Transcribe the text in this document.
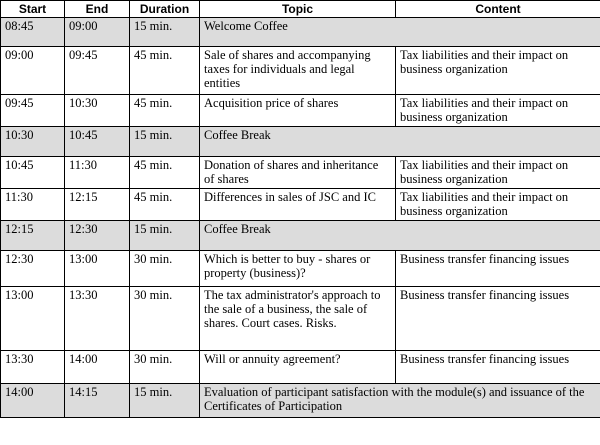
Start	End	Duration	Topic	Content
08:45	09:00	15 min.	Welcome Coffee	
09:00	09:45	45 min.	Sale of shares and accompanying taxes for individuals and legal entities	Tax liabilities and their impact on business organization
09:45	10:30	45 min.	Acquisition price of shares	Tax liabilities and their impact on business organization
10:30	10:45	15 min.	Coffee Break	
10:45	11:30	45 min.	Donation of shares and inheritance of shares	Tax liabilities and their impact on business organization
11:30	12:15	45 min.	Differences in sales of JSC and IC	Tax liabilities and their impact on business organization
12:15	12:30	15 min.	Coffee Break	
12:30	13:00	30 min.	Which is better to buy - shares or property (business)?	Business transfer financing issues
13:00	13:30	30 min.	The tax administrator's approach to the sale of a business, the sale of shares. Court cases. Risks.	Business transfer financing issues
13:30	14:00	30 min.	Will or annuity agreement?	Business transfer financing issues
14:00	14:15	15 min.	Evaluation of participant satisfaction with the module(s) and issuance of the Certificates of Participation	
